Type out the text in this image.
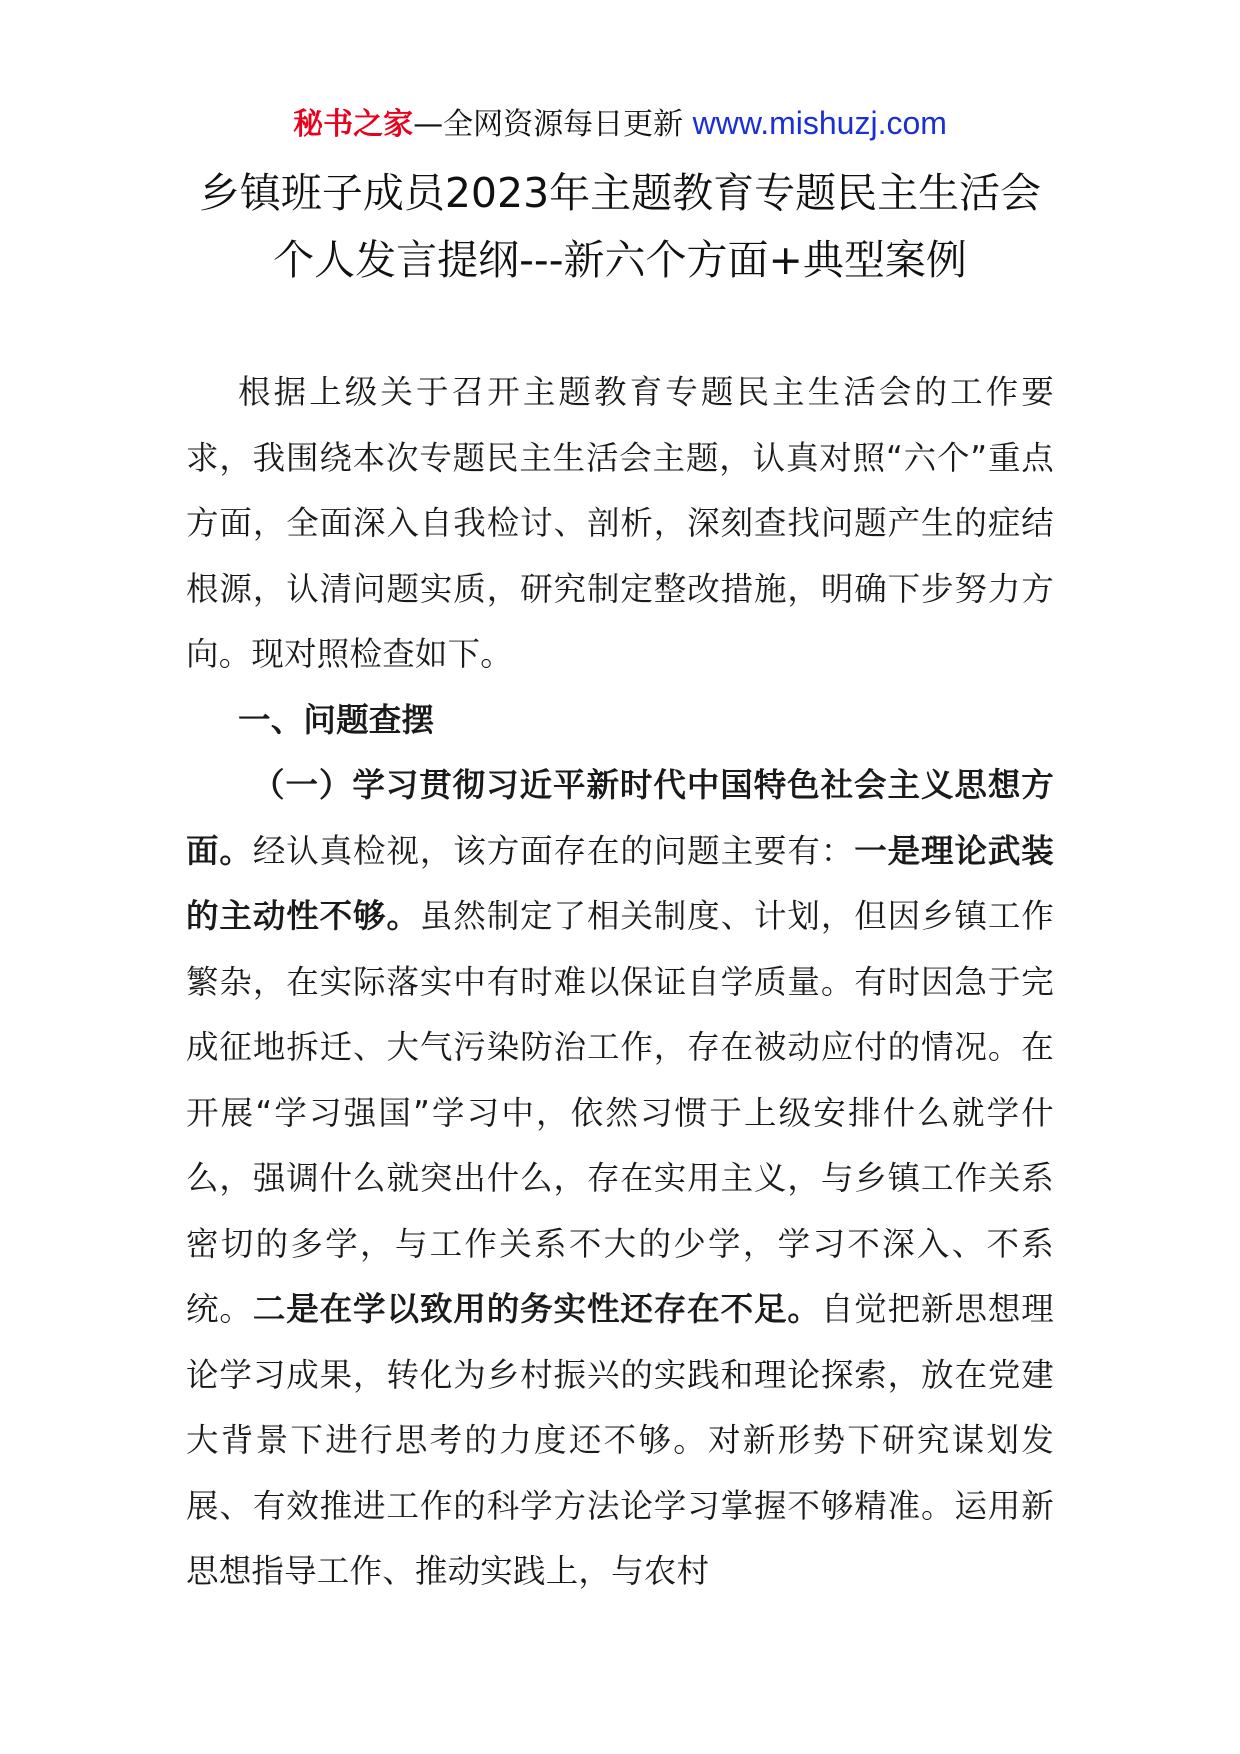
秘书之家—全网资源每日更新 www.mishuzj.com
乡镇班子成员2023年主题教育专题民主生活会
个人发言提纲---新六个方面+典型案例

根据上级关于召开主题教育专题民主生活会的工作要求，我围绕本次专题民主生活会主题，认真对照“六个”重点方面，全面深入自我检讨、剖析，深刻查找问题产生的症结根源，认清问题实质，研究制定整改措施，明确下步努力方向。现对照检查如下。

一、问题查摆

（一）学习贯彻习近平新时代中国特色社会主义思想方面。经认真检视，该方面存在的问题主要有：一是理论武装的主动性不够。虽然制定了相关制度、计划，但因乡镇工作繁杂，在实际落实中有时难以保证自学质量。有时因急于完成征地拆迁、大气污染防治工作，存在被动应付的情况。在开展“学习强国”学习中，依然习惯于上级安排什么就学什么，强调什么就突出什么，存在实用主义，与乡镇工作关系密切的多学，与工作关系不大的少学，学习不深入、不系统。二是在学以致用的务实性还存在不足。自觉把新思想理论学习成果，转化为乡村振兴的实践和理论探索，放在党建大背景下进行思考的力度还不够。对新形势下研究谋划发展、有效推进工作的科学方法论学习掌握不够精准。运用新思想指导工作、推动实践上，与农村
